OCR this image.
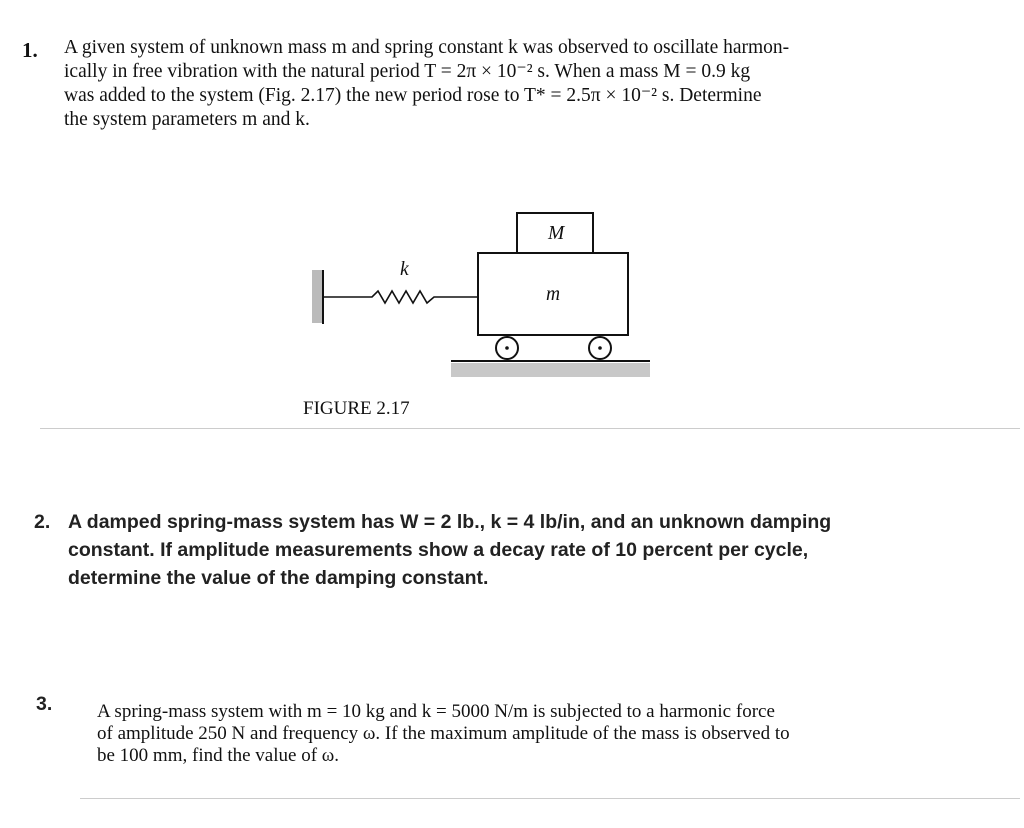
1. A given system of unknown mass m and spring constant k was observed to oscillate harmon-
ically in free vibration with the natural period T = 2π × 10⁻² s. When a mass M = 0.9 kg
was added to the system (Fig. 2.17) the new period rose to T* = 2.5π × 10⁻² s. Determine
the system parameters m and k.
k
m
M
FIGURE 2.17
2. A damped spring-mass system has W = 2 lb., k = 4 lb/in, and an unknown damping
constant. If amplitude measurements show a decay rate of 10 percent per cycle,
determine the value of the damping constant.
3. A spring-mass system with m = 10 kg and k = 5000 N/m is subjected to a harmonic force
of amplitude 250 N and frequency ω. If the maximum amplitude of the mass is observed to
be 100 mm, find the value of ω.
